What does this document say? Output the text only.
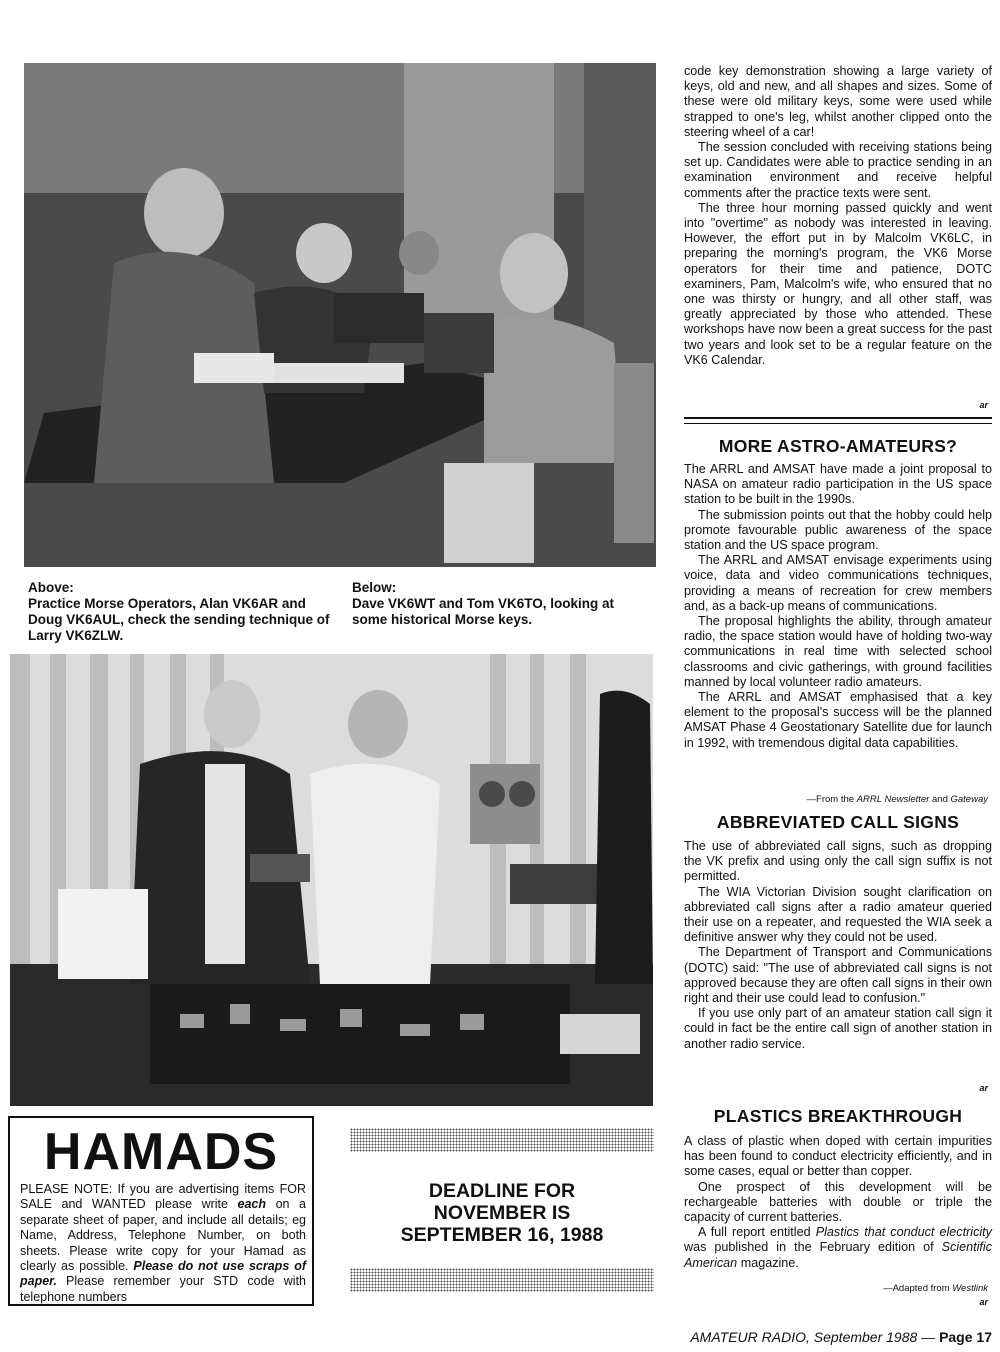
Above:
Practice Morse Operators, Alan VK6AR and Doug VK6AUL, check the sending technique of Larry VK6ZLW.
Below:
Dave VK6WT and Tom VK6TO, looking at some historical Morse keys.

code key demonstration showing a large variety of keys, old and new, and all shapes and sizes. Some of these were old military keys, some were used while strapped to one's leg, whilst another clipped onto the steering wheel of a car!

The session concluded with receiving stations being set up. Candidates were able to practice sending in an examination environment and receive helpful comments after the practice texts were sent.

The three hour morning passed quickly and went into "overtime" as nobody was interested in leaving. However, the effort put in by Malcolm VK6LC, in preparing the morning's program, the VK6 Morse operators for their time and patience, DOTC examiners, Pam, Malcolm's wife, who ensured that no one was thirsty or hungry, and all other staff, was greatly appreciated by those who attended. These workshops have now been a great success for the past two years and look set to be a regular feature on the VK6 Calendar.

ar
MORE ASTRO-AMATEURS?

The ARRL and AMSAT have made a joint proposal to NASA on amateur radio participation in the US space station to be built in the 1990s.

The submission points out that the hobby could help promote favourable public awareness of the space station and the US space program.

The ARRL and AMSAT envisage experiments using voice, data and video communications techniques, providing a means of recreation for crew members and, as a back-up means of communications.

The proposal highlights the ability, through amateur radio, the space station would have of holding two-way communications in real time with selected school classrooms and civic gatherings, with ground facilities manned by local volunteer radio amateurs.

The ARRL and AMSAT emphasised that a key element to the proposal's success will be the planned AMSAT Phase 4 Geostationary Satellite due for launch in 1992, with tremendous digital data capabilities.

—From the ARRL Newsletter and Gateway
ABBREVIATED CALL SIGNS

The use of abbreviated call signs, such as dropping the VK prefix and using only the call sign suffix is not permitted.

The WIA Victorian Division sought clarification on abbreviated call signs after a radio amateur queried their use on a repeater, and requested the WIA seek a definitive answer why they could not be used.

The Department of Transport and Communications (DOTC) said: "The use of abbreviated call signs is not approved because they are often call signs in their own right and their use could lead to confusion."

If you use only part of an amateur station call sign it could in fact be the entire call sign of another station in another radio service.

ar
PLASTICS BREAKTHROUGH

A class of plastic when doped with certain impurities has been found to conduct electricity efficiently, and in some cases, equal or better than copper.

One prospect of this development will be rechargeable batteries with double or triple the capacity of current batteries.

A full report entitled Plastics that conduct electricity was published in the February edition of Scientific American magazine.

—Adapted from Westlink
ar
HAMADS
PLEASE NOTE: If you are advertising items FOR SALE and WANTED please write each on a separate sheet of paper, and include all details; eg Name, Address, Telephone Number, on both sheets. Please write copy for your Hamad as clearly as possible. Please do not use scraps of paper. Please remember your STD code with telephone numbers
DEADLINE FOR
NOVEMBER IS
SEPTEMBER 16, 1988
AMATEUR RADIO, September 1988 — Page 17
